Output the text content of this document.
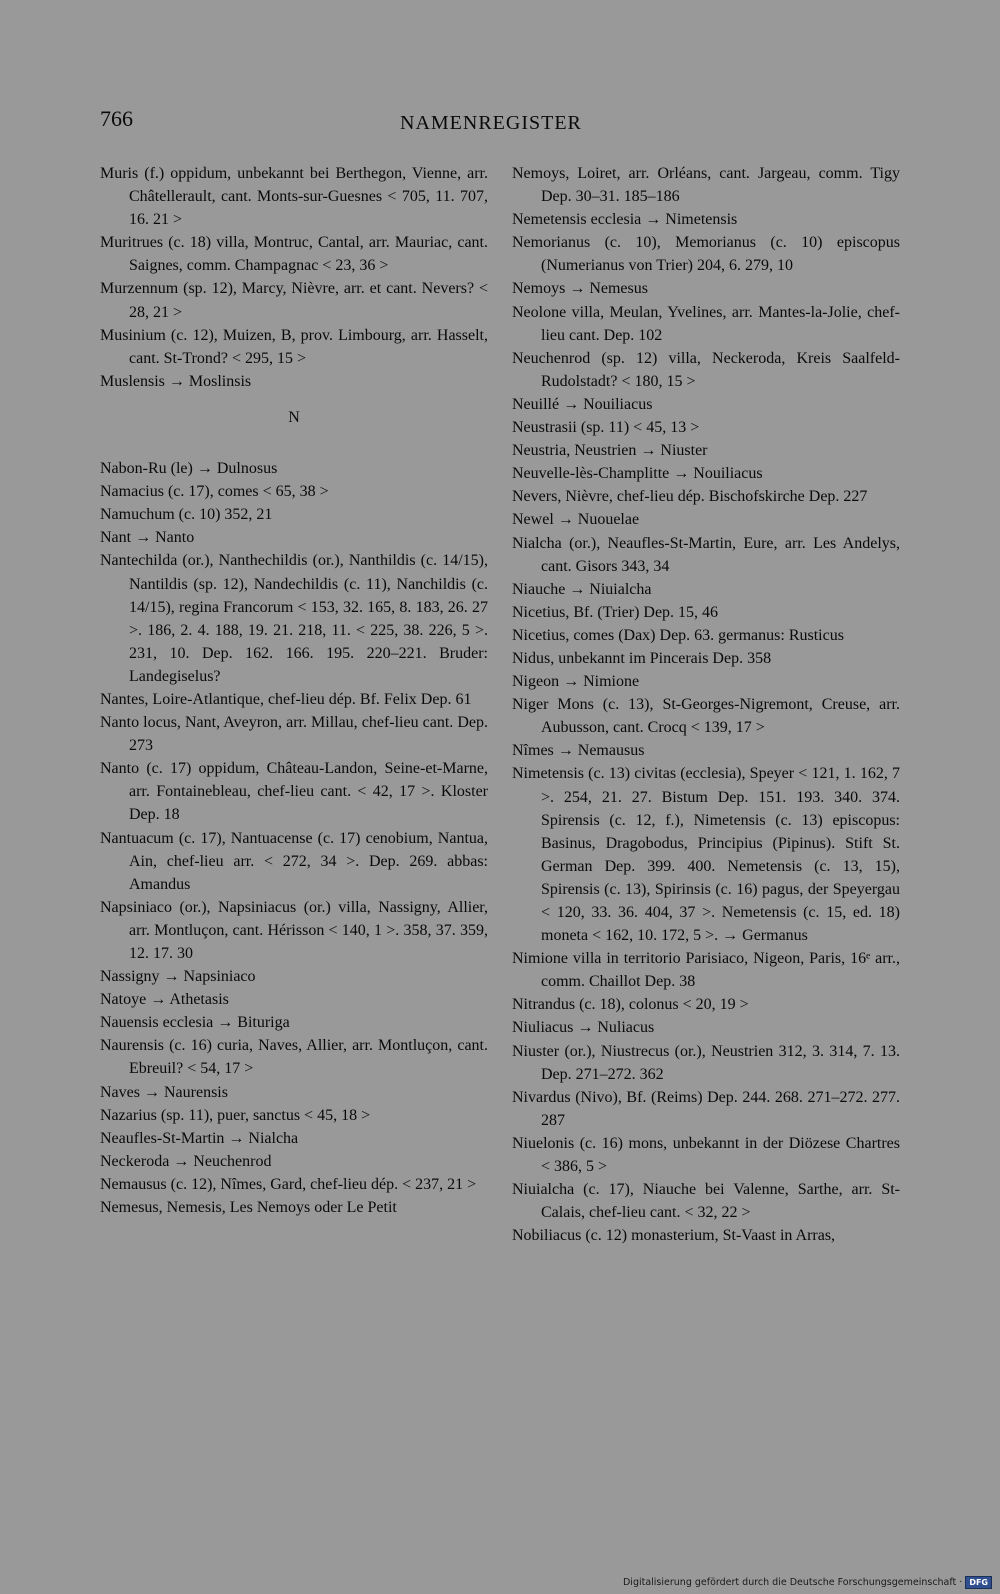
766	NAMENREGISTER
Muris (f.) oppidum, unbekannt bei Berthegon, Vienne, arr. Châtellerault, cant. Monts-sur-Guesnes < 705, 11. 707, 16. 21 >
Muritrues (c. 18) villa, Montruc, Cantal, arr. Mauriac, cant. Saignes, comm. Champagnac < 23, 36 >
Murzennum (sp. 12), Marcy, Nièvre, arr. et cant. Nevers? < 28, 21 >
Musinium (c. 12), Muizen, B, prov. Limbourg, arr. Hasselt, cant. St-Trond? < 295, 15 >
Muslensis → Moslinsis
N
Nabon-Ru (le) → Dulnosus
Namacius (c. 17), comes < 65, 38 >
Namuchum (c. 10) 352, 21
Nant → Nanto
Nantechilda (or.), Nanthechildis (or.), Nanthildis (c. 14/15), Nantildis (sp. 12), Nandechildis (c. 11), Nanchildis (c. 14/15), regina Francorum < 153, 32. 165, 8. 183, 26. 27 >. 186, 2. 4. 188, 19. 21. 218, 11. < 225, 38. 226, 5 >. 231, 10. Dep. 162. 166. 195. 220–221. Bruder: Landegiselus?
Nantes, Loire-Atlantique, chef-lieu dép. Bf. Felix Dep. 61
Nanto locus, Nant, Aveyron, arr. Millau, chef-lieu cant. Dep. 273
Nanto (c. 17) oppidum, Château-Landon, Seine-et-Marne, arr. Fontainebleau, chef-lieu cant. < 42, 17 >. Kloster Dep. 18
Nantuacum (c. 17), Nantuacense (c. 17) cenobium, Nantua, Ain, chef-lieu arr. < 272, 34 >. Dep. 269. abbas: Amandus
Napsiniaco (or.), Napsiniacus (or.) villa, Nassigny, Allier, arr. Montluçon, cant. Hérisson < 140, 1 >. 358, 37. 359, 12. 17. 30
Nassigny → Napsiniaco
Natoye → Athetasis
Nauensis ecclesia → Bituriga
Naurensis (c. 16) curia, Naves, Allier, arr. Montluçon, cant. Ebreuil? < 54, 17 >
Naves → Naurensis
Nazarius (sp. 11), puer, sanctus < 45, 18 >
Neaufles-St-Martin → Nialcha
Neckeroda → Neuchenrod
Nemausus (c. 12), Nîmes, Gard, chef-lieu dép. < 237, 21 >
Nemesus, Nemesis, Les Nemoys oder Le Petit
Nemoys, Loiret, arr. Orléans, cant. Jargeau, comm. Tigy Dep. 30–31. 185–186
Nemetensis ecclesia → Nimetensis
Nemorianus (c. 10), Memorianus (c. 10) episcopus (Numerianus von Trier) 204, 6. 279, 10
Nemoys → Nemesus
Neolone villa, Meulan, Yvelines, arr. Mantes-la-Jolie, chef-lieu cant. Dep. 102
Neuchenrod (sp. 12) villa, Neckeroda, Kreis Saalfeld-Rudolstadt? < 180, 15 >
Neuillé → Nouiliacus
Neustrasii (sp. 11) < 45, 13 >
Neustria, Neustrien → Niuster
Neuvelle-lès-Champlitte → Nouiliacus
Nevers, Nièvre, chef-lieu dép. Bischofskirche Dep. 227
Newel → Nuouelae
Nialcha (or.), Neaufles-St-Martin, Eure, arr. Les Andelys, cant. Gisors 343, 34
Niauche → Niuialcha
Nicetius, Bf. (Trier) Dep. 15, 46
Nicetius, comes (Dax) Dep. 63. germanus: Rusticus
Nidus, unbekannt im Pincerais Dep. 358
Nigeon → Nimione
Niger Mons (c. 13), St-Georges-Nigremont, Creuse, arr. Aubusson, cant. Crocq < 139, 17 >
Nîmes → Nemausus
Nimetensis (c. 13) civitas (ecclesia), Speyer < 121, 1. 162, 7 >. 254, 21. 27. Bistum Dep. 151. 193. 340. 374. Spirensis (c. 12, f.), Nimetensis (c. 13) episcopus: Basinus, Dragobodus, Principius (Pipinus). Stift St. German Dep. 399. 400. Nemetensis (c. 13, 15), Spirensis (c. 13), Spirinsis (c. 16) pagus, der Speyergau < 120, 33. 36. 404, 37 >. Nemetensis (c. 15, ed. 18) moneta < 162, 10. 172, 5 >. → Germanus
Nimione villa in territorio Parisiaco, Nigeon, Paris, 16ᵉ arr., comm. Chaillot Dep. 38
Nitrandus (c. 18), colonus < 20, 19 >
Niuliacus → Nuliacus
Niuster (or.), Niustrecus (or.), Neustrien 312, 3. 314, 7. 13. Dep. 271–272. 362
Nivardus (Nivo), Bf. (Reims) Dep. 244. 268. 271–272. 277. 287
Niuelonis (c. 16) mons, unbekannt in der Diözese Chartres < 386, 5 >
Niuialcha (c. 17), Niauche bei Valenne, Sarthe, arr. St-Calais, chef-lieu cant. < 32, 22 >
Nobiliacus (c. 12) monasterium, St-Vaast in Arras,
Digitalisierung gefördert durch die Deutsche Forschungsgemeinschaft · DFG
